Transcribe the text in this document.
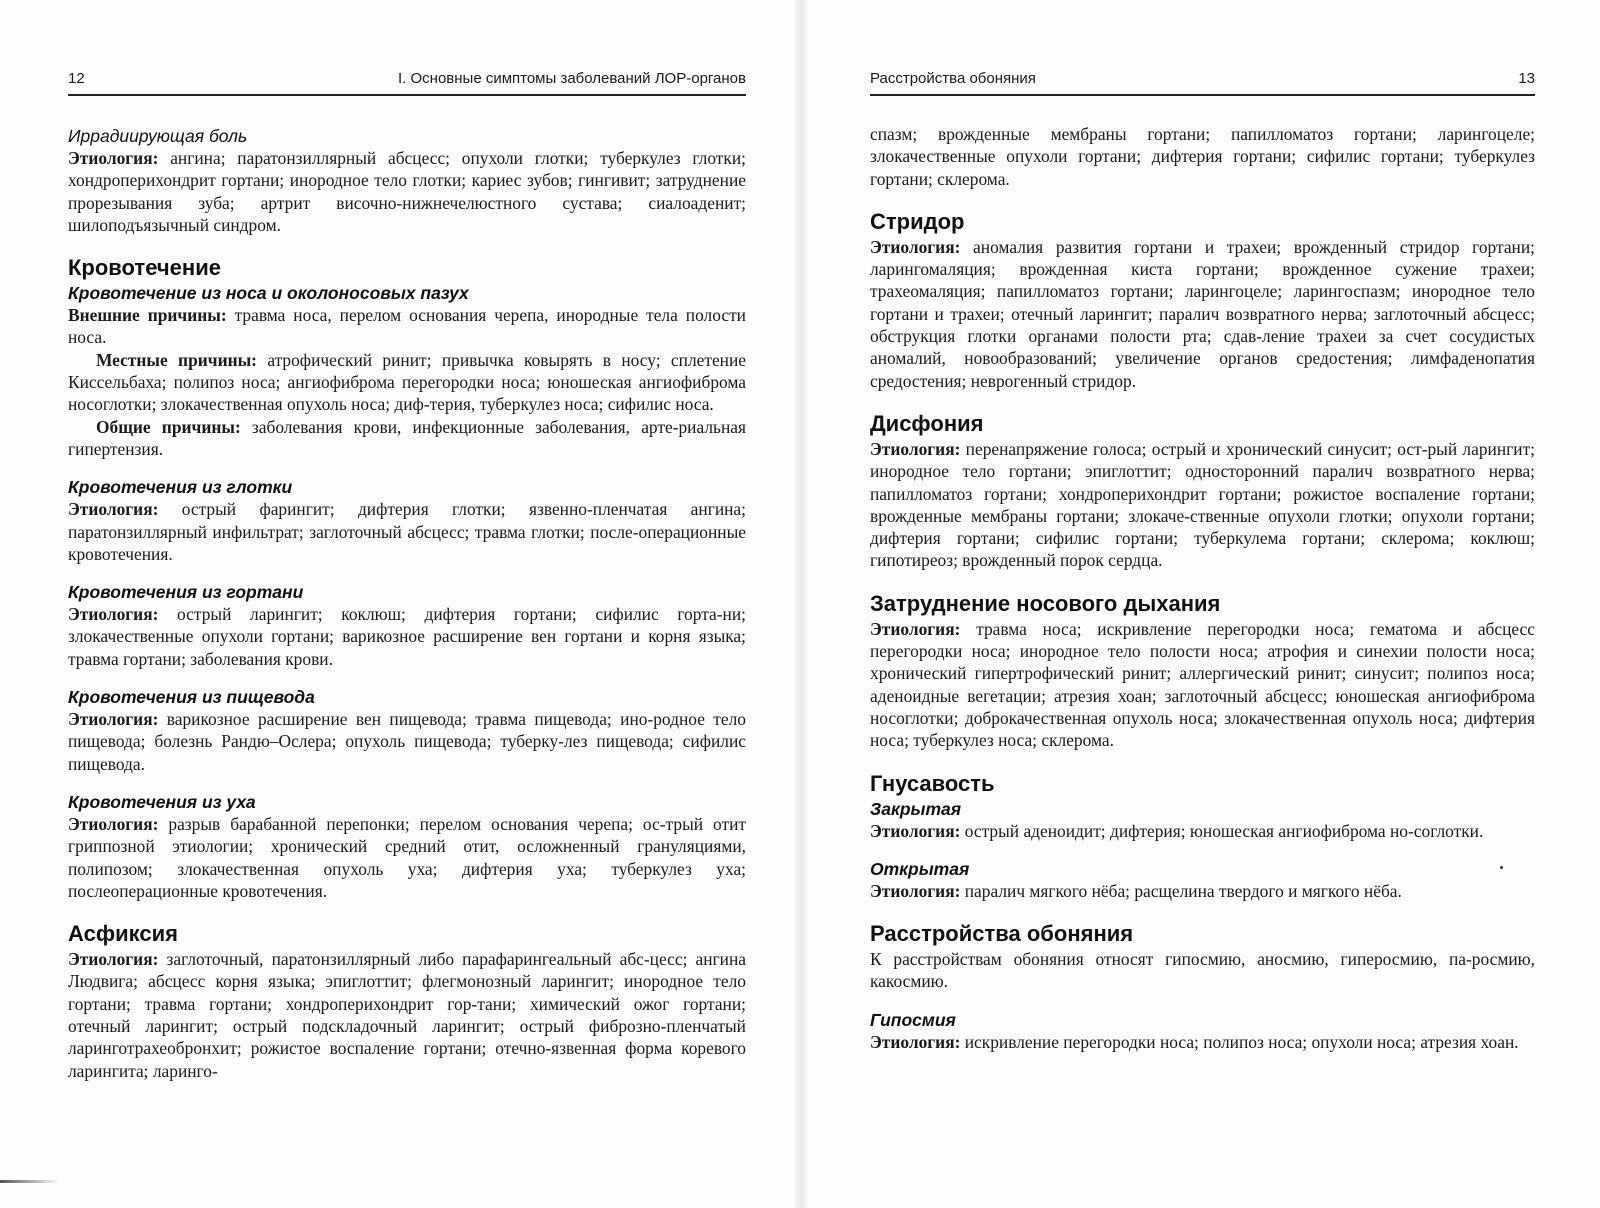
12	I. Основные симптомы заболеваний ЛОР-органов
Иррадиирующая боль

Этиология: ангина; паратонзиллярный абсцесс; опухоли глотки; туберкулез глотки; хондроперихондрит гортани; инородное тело глотки; кариес зубов; гингивит; затруднение прорезывания зуба; артрит височно-нижнечелюстного сустава; сиалоаденит; шилоподъязычный синдром.

Кровотечение
Кровотечение из носа и околоносовых пазух

Внешние причины: травма носа, перелом основания черепа, инородные тела полости носа.

Местные причины: атрофический ринит; привычка ковырять в носу; сплетение Киссельбаха; полипоз носа; ангиофиброма перегородки носа; юношеская ангиофиброма носоглотки; злокачественная опухоль носа; диф-терия, туберкулез носа; сифилис носа.

Общие причины: заболевания крови, инфекционные заболевания, арте-риальная гипертензия.

Кровотечения из глотки

Этиология: острый фарингит; дифтерия глотки; язвенно-пленчатая ангина; паратонзиллярный инфильтрат; заглоточный абсцесс; травма глотки; после-операционные кровотечения.

Кровотечения из гортани

Этиология: острый ларингит; коклюш; дифтерия гортани; сифилис горта-ни; злокачественные опухоли гортани; варикозное расширение вен гортани и корня языка; травма гортани; заболевания крови.

Кровотечения из пищевода

Этиология: варикозное расширение вен пищевода; травма пищевода; ино-родное тело пищевода; болезнь Рандю–Ослера; опухоль пищевода; туберку-лез пищевода; сифилис пищевода.

Кровотечения из уха

Этиология: разрыв барабанной перепонки; перелом основания черепа; ос-трый отит гриппозной этиологии; хронический средний отит, осложненный грануляциями, полипозом; злокачественная опухоль уха; дифтерия уха; туберкулез уха; послеоперационные кровотечения.

Асфиксия

Этиология: заглоточный, паратонзиллярный либо парафарингеальный абс-цесс; ангина Людвига; абсцесс корня языка; эпиглоттит; флегмонозный ларингит; инородное тело гортани; травма гортани; хондроперихондрит гор-тани; химический ожог гортани; отечный ларингит; острый подскладочный ларингит; острый фиброзно-пленчатый ларинготрахеобронхит; рожистое воспаление гортани; отечно-язвенная форма коревого ларингита; ларинго-

Расстройства обоняния	13

спазм; врожденные мембраны гортани; папилломатоз гортани; ларингоцеле; злокачественные опухоли гортани; дифтерия гортани; сифилис гортани; туберкулез гортани; склерома.

Стридор

Этиология: аномалия развития гортани и трахеи; врожденный стридор гортани; ларингомаляция; врожденная киста гортани; врожденное сужение трахеи; трахеомаляция; папилломатоз гортани; ларингоцеле; ларингоспазм; инородное тело гортани и трахеи; отечный ларингит; паралич возвратного нерва; заглоточный абсцесс; обструкция глотки органами полости рта; сдав-ление трахеи за счет сосудистых аномалий, новообразований; увеличение органов средостения; лимфаденопатия средостения; неврогенный стридор.

Дисфония

Этиология: перенапряжение голоса; острый и хронический синусит; ост-рый ларингит; инородное тело гортани; эпиглоттит; односторонний паралич возвратного нерва; папилломатоз гортани; хондроперихондрит гортани; рожистое воспаление гортани; врожденные мембраны гортани; злокаче-ственные опухоли глотки; опухоли гортани; дифтерия гортани; сифилис гортани; туберкулема гортани; склерома; коклюш; гипотиреоз; врожденный порок сердца.

Затруднение носового дыхания

Этиология: травма носа; искривление перегородки носа; гематома и абсцесс перегородки носа; инородное тело полости носа; атрофия и синехии полости носа; хронический гипертрофический ринит; аллергический ринит; синусит; полипоз носа; аденоидные вегетации; атрезия хоан; заглоточный абсцесс; юношеская ангиофиброма носоглотки; доброкачественная опухоль носа; злокачественная опухоль носа; дифтерия носа; туберкулез носа; склерома.

Гнусавость
Закрытая

Этиология: острый аденоидит; дифтерия; юношеская ангиофиброма но-соглотки.

Открытая

Этиология: паралич мягкого нёба; расщелина твердого и мягкого нёба.

Расстройства обоняния

К расстройствам обоняния относят гипосмию, аносмию, гиперосмию, па-росмию, какосмию.

Гипосмия

Этиология: искривление перегородки носа; полипоз носа; опухоли носа; атрезия хоан.
